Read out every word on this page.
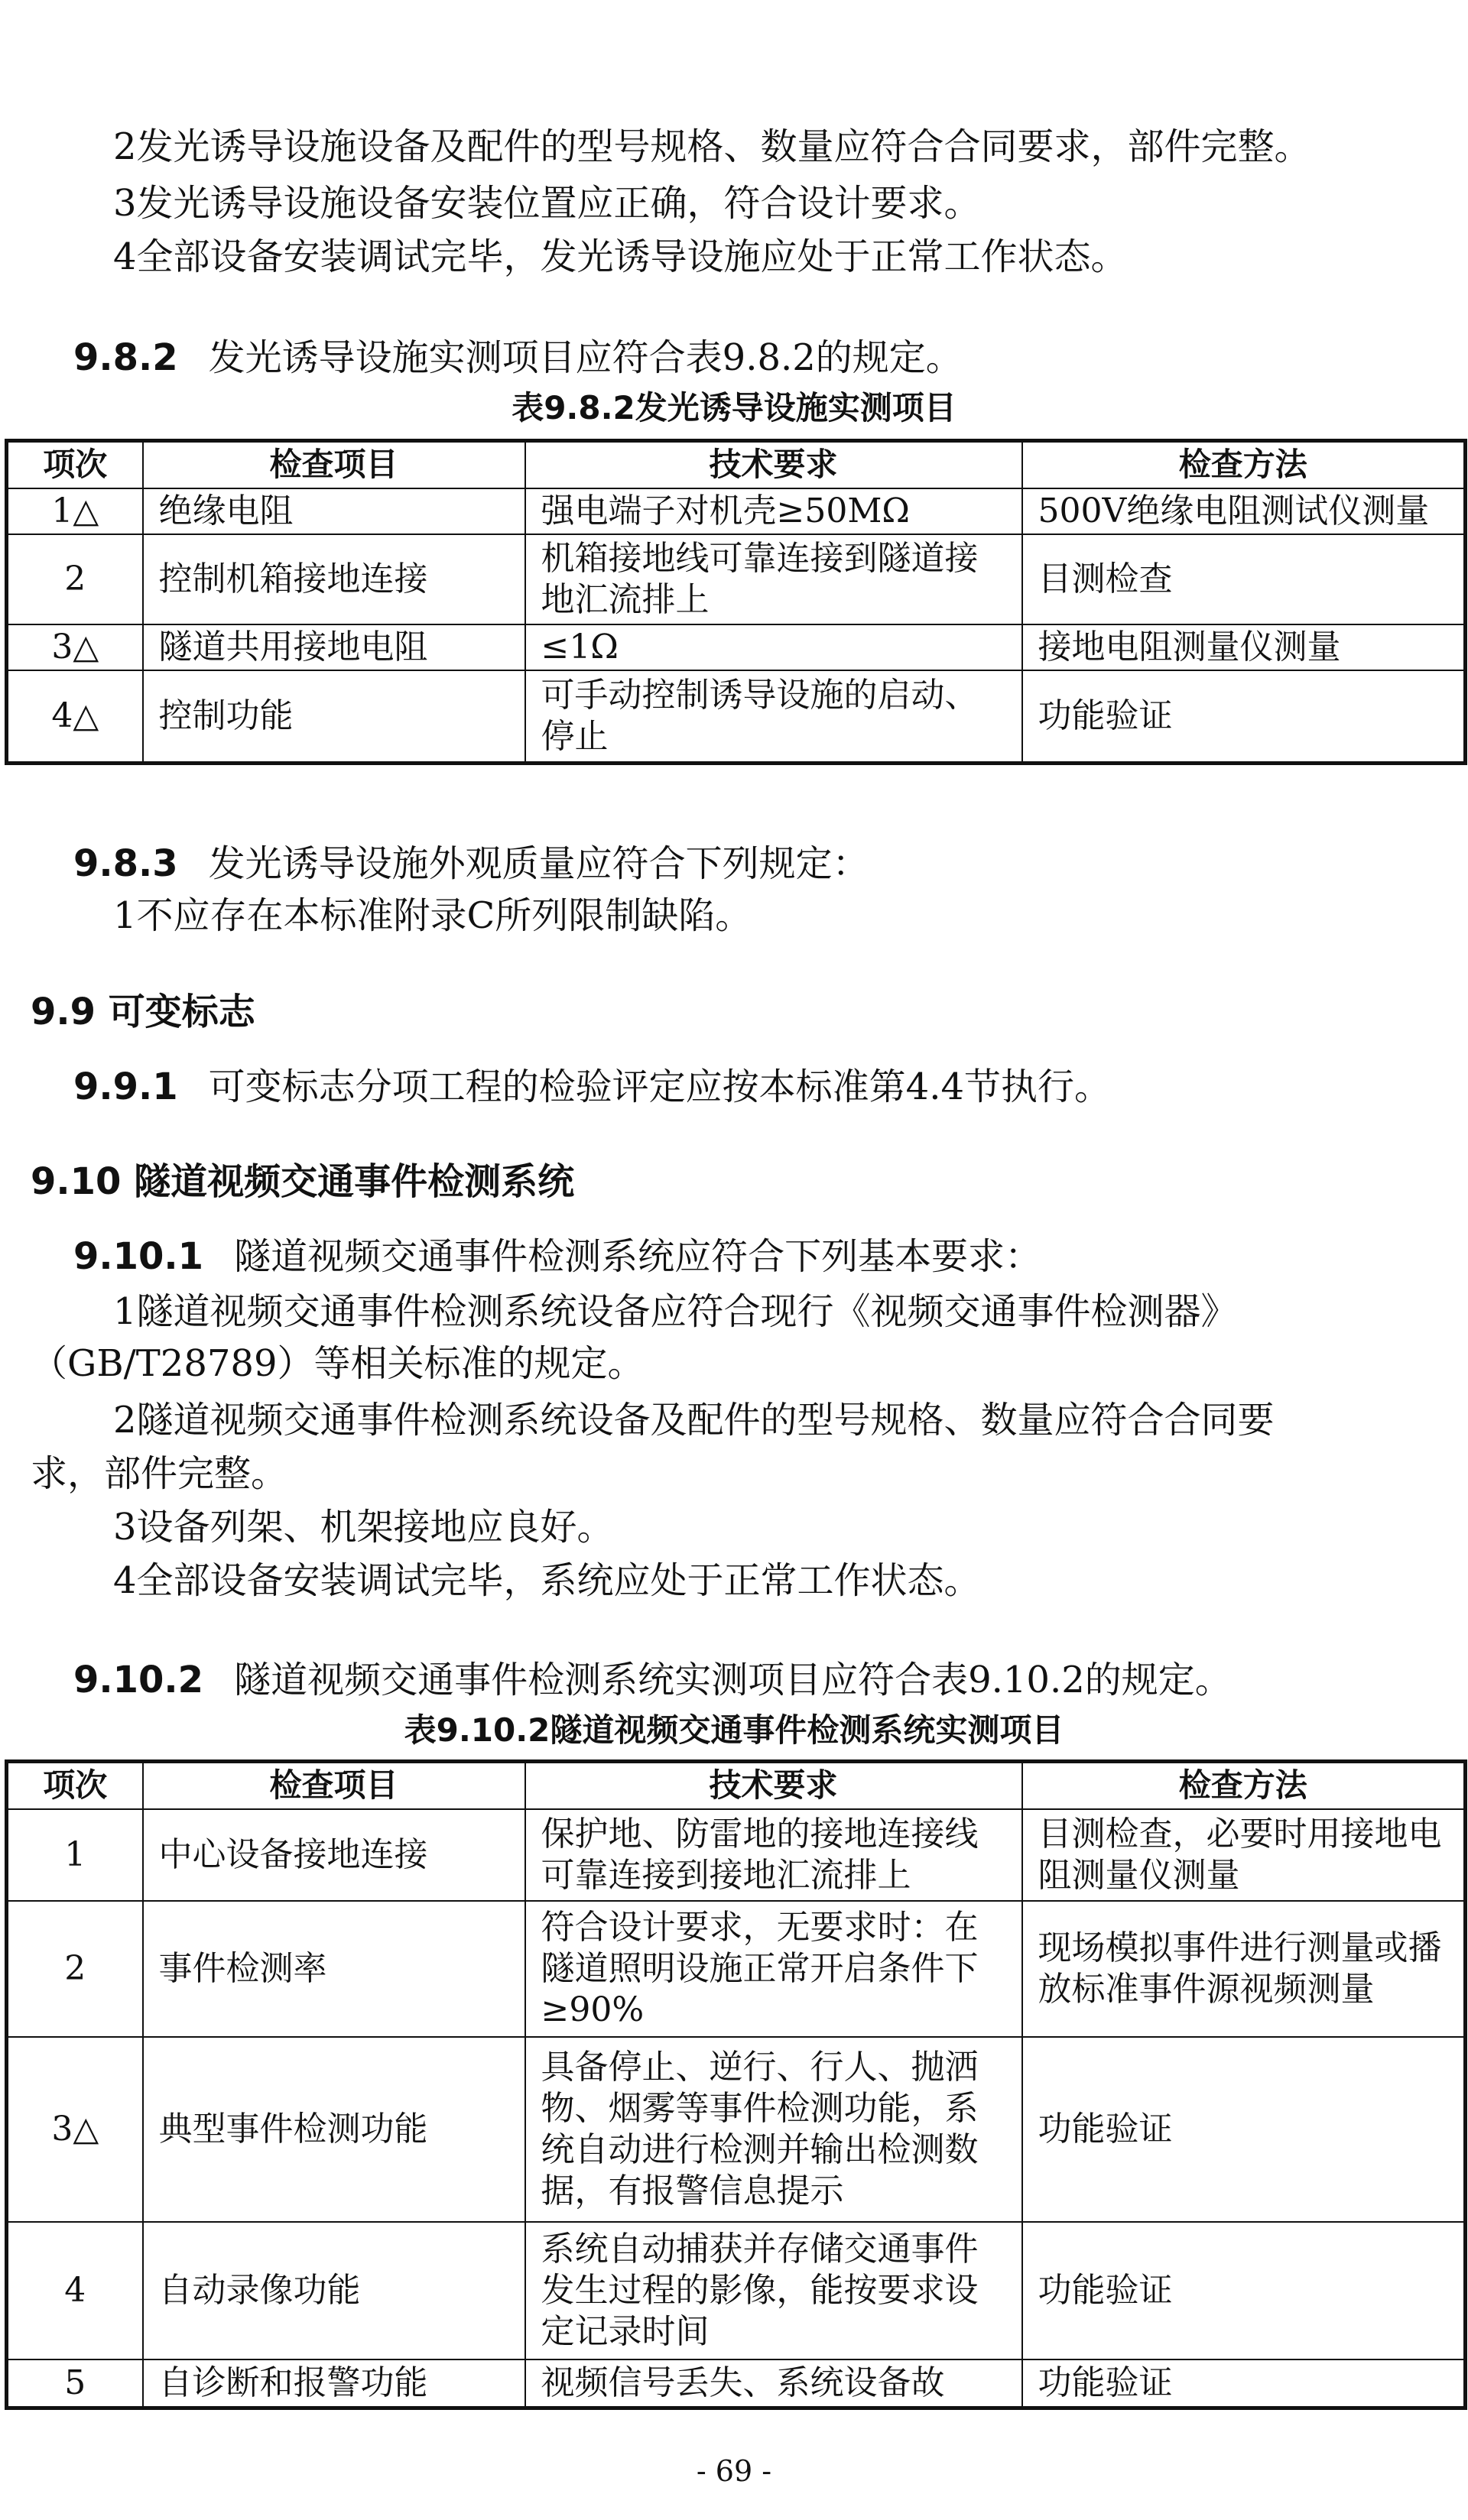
2发光诱导设施设备及配件的型号规格、数量应符合合同要求，部件完整。
3发光诱导设施设备安装位置应正确，符合设计要求。
4全部设备安装调试完毕，发光诱导设施应处于正常工作状态。
9.8.2 发光诱导设施实测项目应符合表9.8.2的规定。
表9.8.2发光诱导设施实测项目
项次	检查项目	技术要求	检查方法
1△	绝缘电阻	强电端子对机壳≥50MΩ	500V绝缘电阻测试仪测量
2	控制机箱接地连接	机箱接地线可靠连接到隧道接地汇流排上	目测检查
3△	隧道共用接地电阻	≤1Ω	接地电阻测量仪测量
4△	控制功能	可手动控制诱导设施的启动、停止	功能验证
9.8.3 发光诱导设施外观质量应符合下列规定：
1不应存在本标准附录C所列限制缺陷。
9.9 可变标志
9.9.1 可变标志分项工程的检验评定应按本标准第4.4节执行。
9.10 隧道视频交通事件检测系统
9.10.1 隧道视频交通事件检测系统应符合下列基本要求：
1隧道视频交通事件检测系统设备应符合现行《视频交通事件检测器》
（GB/T28789）等相关标准的规定。
2隧道视频交通事件检测系统设备及配件的型号规格、数量应符合合同要
求，部件完整。
3设备列架、机架接地应良好。
4全部设备安装调试完毕，系统应处于正常工作状态。
9.10.2 隧道视频交通事件检测系统实测项目应符合表9.10.2的规定。
表9.10.2隧道视频交通事件检测系统实测项目
项次	检查项目	技术要求	检查方法
1	中心设备接地连接	保护地、防雷地的接地连接线可靠连接到接地汇流排上	目测检查，必要时用接地电阻测量仪测量
2	事件检测率	符合设计要求，无要求时：在隧道照明设施正常开启条件下≥90%	现场模拟事件进行测量或播放标准事件源视频测量
3△	典型事件检测功能	具备停止、逆行、行人、抛洒物、烟雾等事件检测功能，系统自动进行检测并输出检测数据，有报警信息提示	功能验证
4	自动录像功能	系统自动捕获并存储交通事件发生过程的影像，能按要求设定记录时间	功能验证
5	自诊断和报警功能	视频信号丢失、系统设备故	功能验证
- 69 -
